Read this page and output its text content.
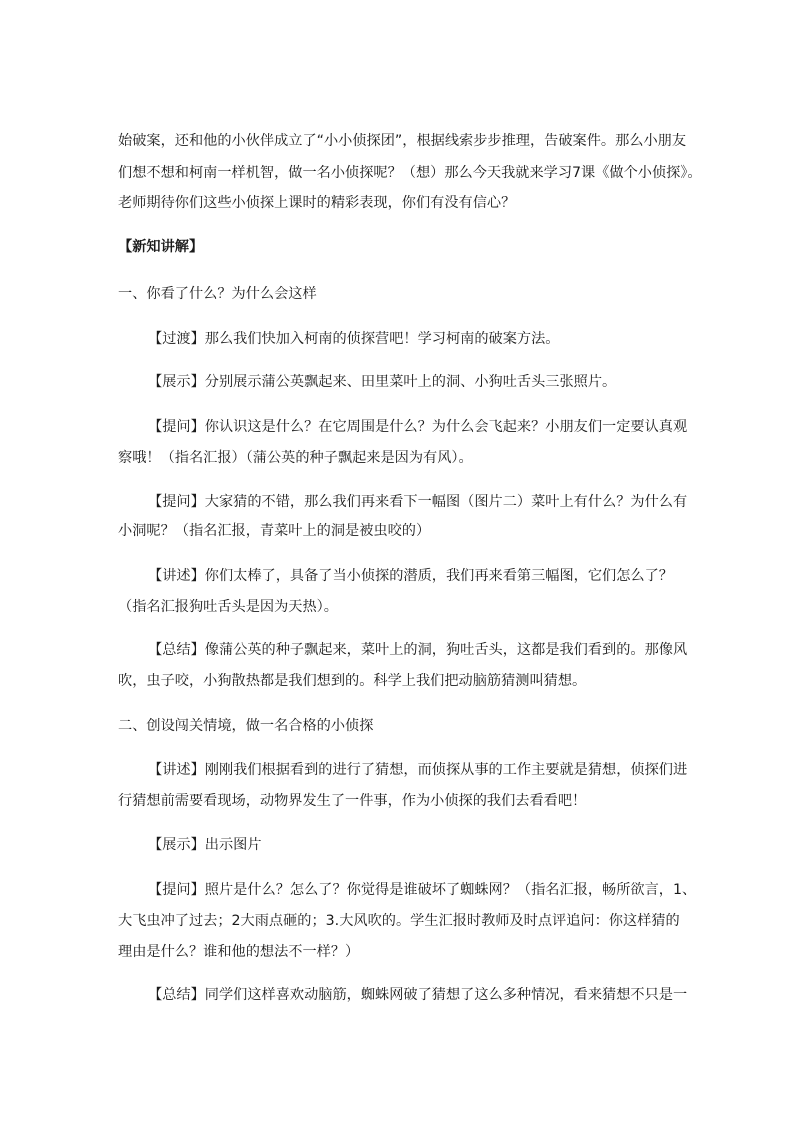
始破案，还和他的小伙伴成立了“小小侦探团”，根据线索步步推理，告破案件。那么小朋友
们想不想和柯南一样机智，做一名小侦探呢？（想）那么今天我就来学习7课《做个小侦探》。
老师期待你们这些小侦探上课时的精彩表现，你们有没有信心？
【新知讲解】
一、你看了什么？为什么会这样
【过渡】那么我们快加入柯南的侦探营吧！学习柯南的破案方法。
【展示】分别展示蒲公英飘起来、田里菜叶上的洞、小狗吐舌头三张照片。
【提问】你认识这是什么？在它周围是什么？为什么会飞起来？小朋友们一定要认真观
察哦！（指名汇报）（蒲公英的种子飘起来是因为有风）。
【提问】大家猜的不错，那么我们再来看下一幅图（图片二）菜叶上有什么？为什么有
小洞呢？（指名汇报，青菜叶上的洞是被虫咬的）
【讲述】你们太棒了，具备了当小侦探的潜质，我们再来看第三幅图，它们怎么了？
（指名汇报狗吐舌头是因为天热）。
【总结】像蒲公英的种子飘起来，菜叶上的洞，狗吐舌头，这都是我们看到的。那像风
吹，虫子咬，小狗散热都是我们想到的。科学上我们把动脑筋猜测叫猜想。
二、创设闯关情境，做一名合格的小侦探
【讲述】刚刚我们根据看到的进行了猜想，而侦探从事的工作主要就是猜想，侦探们进
行猜想前需要看现场，动物界发生了一件事，作为小侦探的我们去看看吧！
【展示】出示图片
【提问】照片是什么？怎么了？你觉得是谁破坏了蜘蛛网？（指名汇报，畅所欲言，1、
大飞虫冲了过去；2大雨点砸的；3.大风吹的。学生汇报时教师及时点评追问：你这样猜的
理由是什么？谁和他的想法不一样？）
【总结】同学们这样喜欢动脑筋，蜘蛛网破了猜想了这么多种情况，看来猜想不只是一
